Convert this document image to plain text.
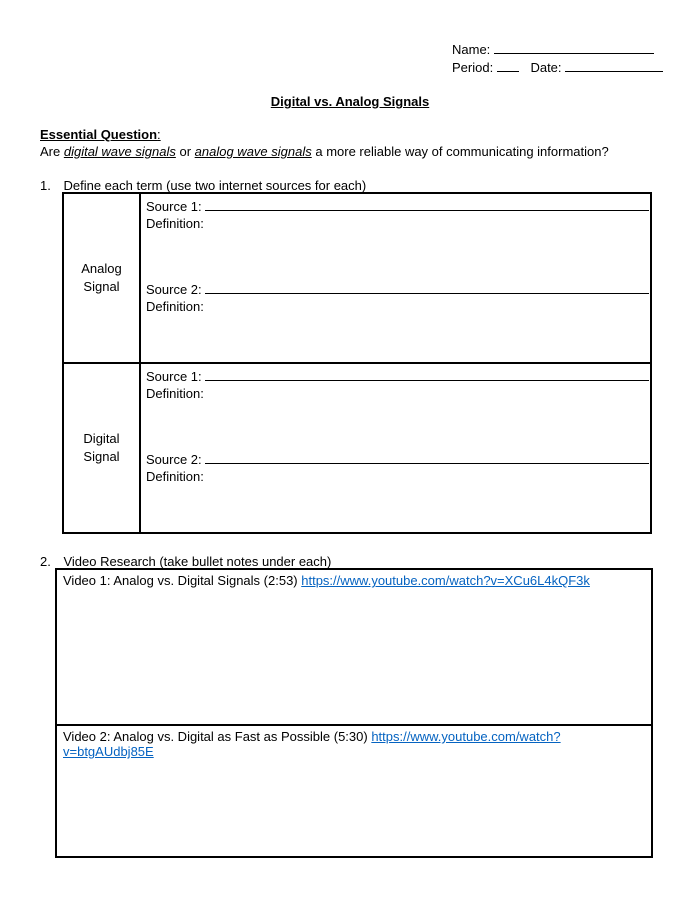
Name:
Period:	Date:
Digital vs. Analog Signals
Essential Question:
Are digital wave signals or analog wave signals a more reliable way of communicating information?
1. Define each term (use two internet sources for each)
Analog
Signal
Source 1:
Definition:
Source 2:
Definition:
Digital
Signal
Source 1:
Definition:
Source 2:
Definition:
2. Video Research (take bullet notes under each)
Video 1: Analog vs. Digital Signals (2:53) https://www.youtube.com/watch?v=XCu6L4kQF3k
Video 2: Analog vs. Digital as Fast as Possible (5:30) https://www.youtube.com/watch?v=btgAUdbj85E
